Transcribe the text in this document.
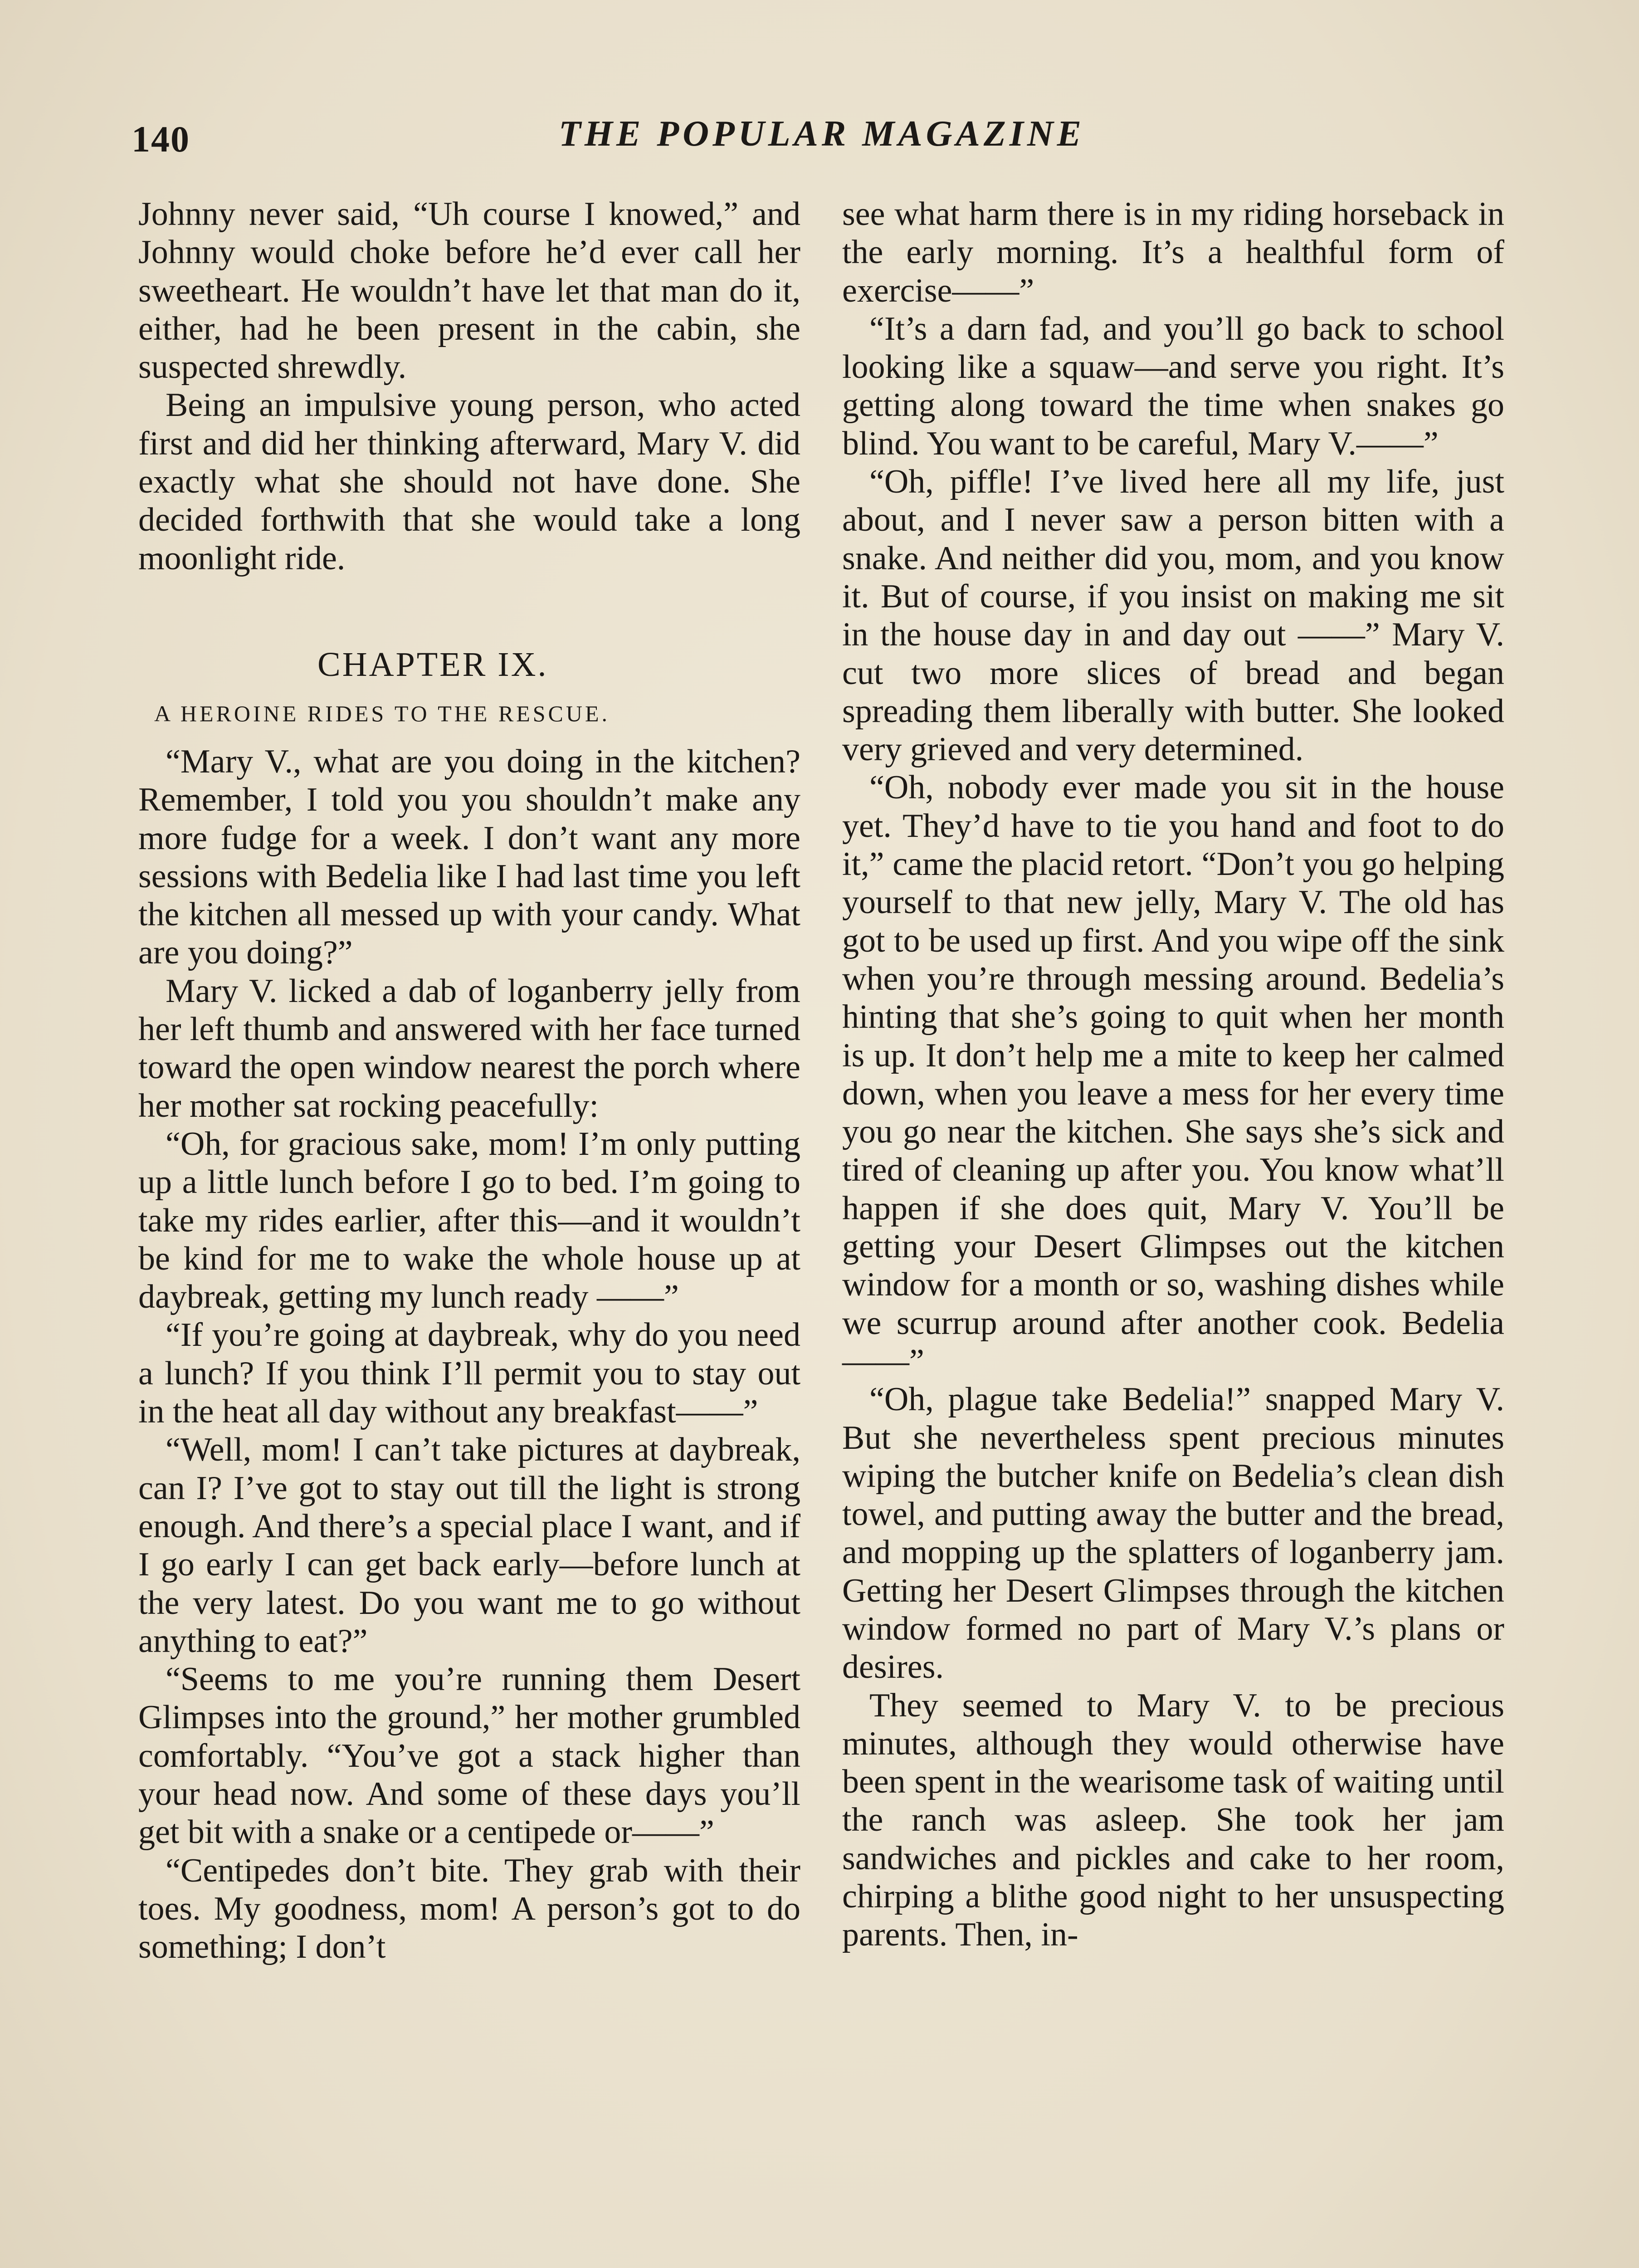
140	THE POPULAR MAGAZINE

Johnny never said, “Uh course I knowed,” and Johnny would choke before he’d ever call her sweetheart. He wouldn’t have let that man do it, either, had he been present in the cabin, she suspected shrewdly.

Being an impulsive young person, who acted first and did her thinking afterward, Mary V. did exactly what she should not have done. She decided forthwith that she would take a long moonlight ride.

CHAPTER IX.
A HEROINE RIDES TO THE RESCUE.

“Mary V., what are you doing in the kitchen? Remember, I told you you shouldn’t make any more fudge for a week. I don’t want any more sessions with Bedelia like I had last time you left the kitchen all messed up with your candy. What are you doing?”

Mary V. licked a dab of loganberry jelly from her left thumb and answered with her face turned toward the open window nearest the porch where her mother sat rocking peacefully:

“Oh, for gracious sake, mom! I’m only putting up a little lunch before I go to bed. I’m going to take my rides earlier, after this—and it wouldn’t be kind for me to wake the whole house up at daybreak, getting my lunch ready ——”

“If you’re going at daybreak, why do you need a lunch? If you think I’ll permit you to stay out in the heat all day without any breakfast——”

“Well, mom! I can’t take pictures at daybreak, can I? I’ve got to stay out till the light is strong enough. And there’s a special place I want, and if I go early I can get back early—before lunch at the very latest. Do you want me to go without anything to eat?”

“Seems to me you’re running them Desert Glimpses into the ground,” her mother grumbled comfortably. “You’ve got a stack higher than your head now. And some of these days you’ll get bit with a snake or a centipede or——”

“Centipedes don’t bite. They grab with their toes. My goodness, mom! A person’s got to do something; I don’t

see what harm there is in my riding horseback in the early morning. It’s a healthful form of exercise——”

“It’s a darn fad, and you’ll go back to school looking like a squaw—and serve you right. It’s getting along toward the time when snakes go blind. You want to be careful, Mary V.——”

“Oh, piffle! I’ve lived here all my life, just about, and I never saw a person bitten with a snake. And neither did you, mom, and you know it. But of course, if you insist on making me sit in the house day in and day out ——” Mary V. cut two more slices of bread and began spreading them liberally with butter. She looked very grieved and very determined.

“Oh, nobody ever made you sit in the house yet. They’d have to tie you hand and foot to do it,” came the placid retort. “Don’t you go helping yourself to that new jelly, Mary V. The old has got to be used up first. And you wipe off the sink when you’re through messing around. Bedelia’s hinting that she’s going to quit when her month is up. It don’t help me a mite to keep her calmed down, when you leave a mess for her every time you go near the kitchen. She says she’s sick and tired of cleaning up after you. You know what’ll happen if she does quit, Mary V. You’ll be getting your Desert Glimpses out the kitchen window for a month or so, washing dishes while we scurrup around after another cook. Bedelia——”

“Oh, plague take Bedelia!” snapped Mary V. But she nevertheless spent precious minutes wiping the butcher knife on Bedelia’s clean dish towel, and putting away the butter and the bread, and mopping up the splatters of loganberry jam. Getting her Desert Glimpses through the kitchen window formed no part of Mary V.’s plans or desires.

They seemed to Mary V. to be precious minutes, although they would otherwise have been spent in the wearisome task of waiting until the ranch was asleep. She took her jam sandwiches and pickles and cake to her room, chirping a blithe good night to her unsuspecting parents. Then, in-
